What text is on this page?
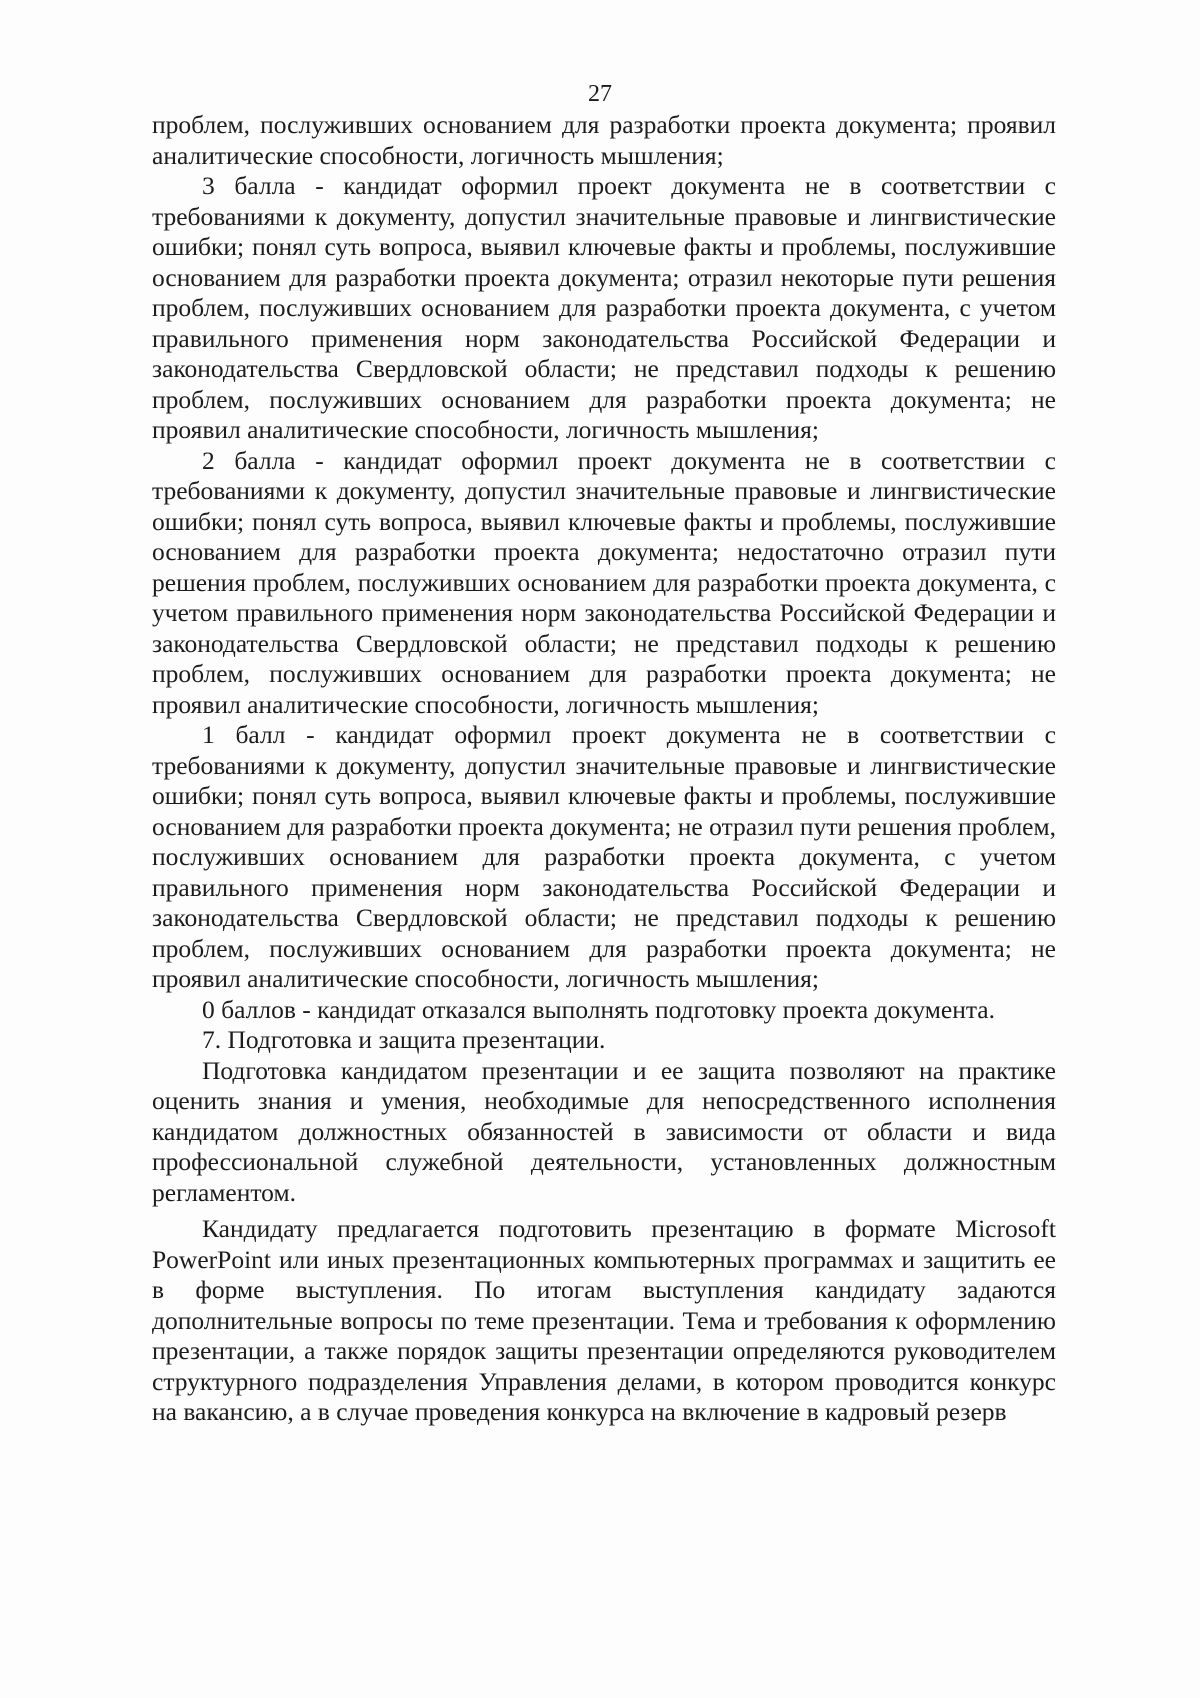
27

проблем, послуживших основанием для разработки проекта документа; проявил аналитические способности, логичность мышления;

3 балла - кандидат оформил проект документа не в соответствии с требованиями к документу, допустил значительные правовые и лингвистические ошибки; понял суть вопроса, выявил ключевые факты и проблемы, послужившие основанием для разработки проекта документа; отразил некоторые пути решения проблем, послуживших основанием для разработки проекта документа, с учетом правильного применения норм законодательства Российской Федерации и законодательства Свердловской области; не представил подходы к решению проблем, послуживших основанием для разработки проекта документа; не проявил аналитические способности, логичность мышления;

2 балла - кандидат оформил проект документа не в соответствии с требованиями к документу, допустил значительные правовые и лингвистические ошибки; понял суть вопроса, выявил ключевые факты и проблемы, послужившие основанием для разработки проекта документа; недостаточно отразил пути решения проблем, послуживших основанием для разработки проекта документа, с учетом правильного применения норм законодательства Российской Федерации и законодательства Свердловской области; не представил подходы к решению проблем, послуживших основанием для разработки проекта документа; не проявил аналитические способности, логичность мышления;

1 балл - кандидат оформил проект документа не в соответствии с требованиями к документу, допустил значительные правовые и лингвистические ошибки; понял суть вопроса, выявил ключевые факты и проблемы, послужившие основанием для разработки проекта документа; не отразил пути решения проблем, послуживших основанием для разработки проекта документа, с учетом правильного применения норм законодательства Российской Федерации и законодательства Свердловской области; не представил подходы к решению проблем, послуживших основанием для разработки проекта документа; не проявил аналитические способности, логичность мышления;

0 баллов - кандидат отказался выполнять подготовку проекта документа.

7. Подготовка и защита презентации.

Подготовка кандидатом презентации и ее защита позволяют на практике оценить знания и умения, необходимые для непосредственного исполнения кандидатом должностных обязанностей в зависимости от области и вида профессиональной служебной деятельности, установленных должностным регламентом.

Кандидату предлагается подготовить презентацию в формате Microsoft PowerPoint или иных презентационных компьютерных программах и защитить ее в форме выступления. По итогам выступления кандидату задаются дополнительные вопросы по теме презентации. Тема и требования к оформлению презентации, а также порядок защиты презентации определяются руководителем структурного подразделения Управления делами, в котором проводится конкурс на вакансию, а в случае проведения конкурса на включение в кадровый резерв
